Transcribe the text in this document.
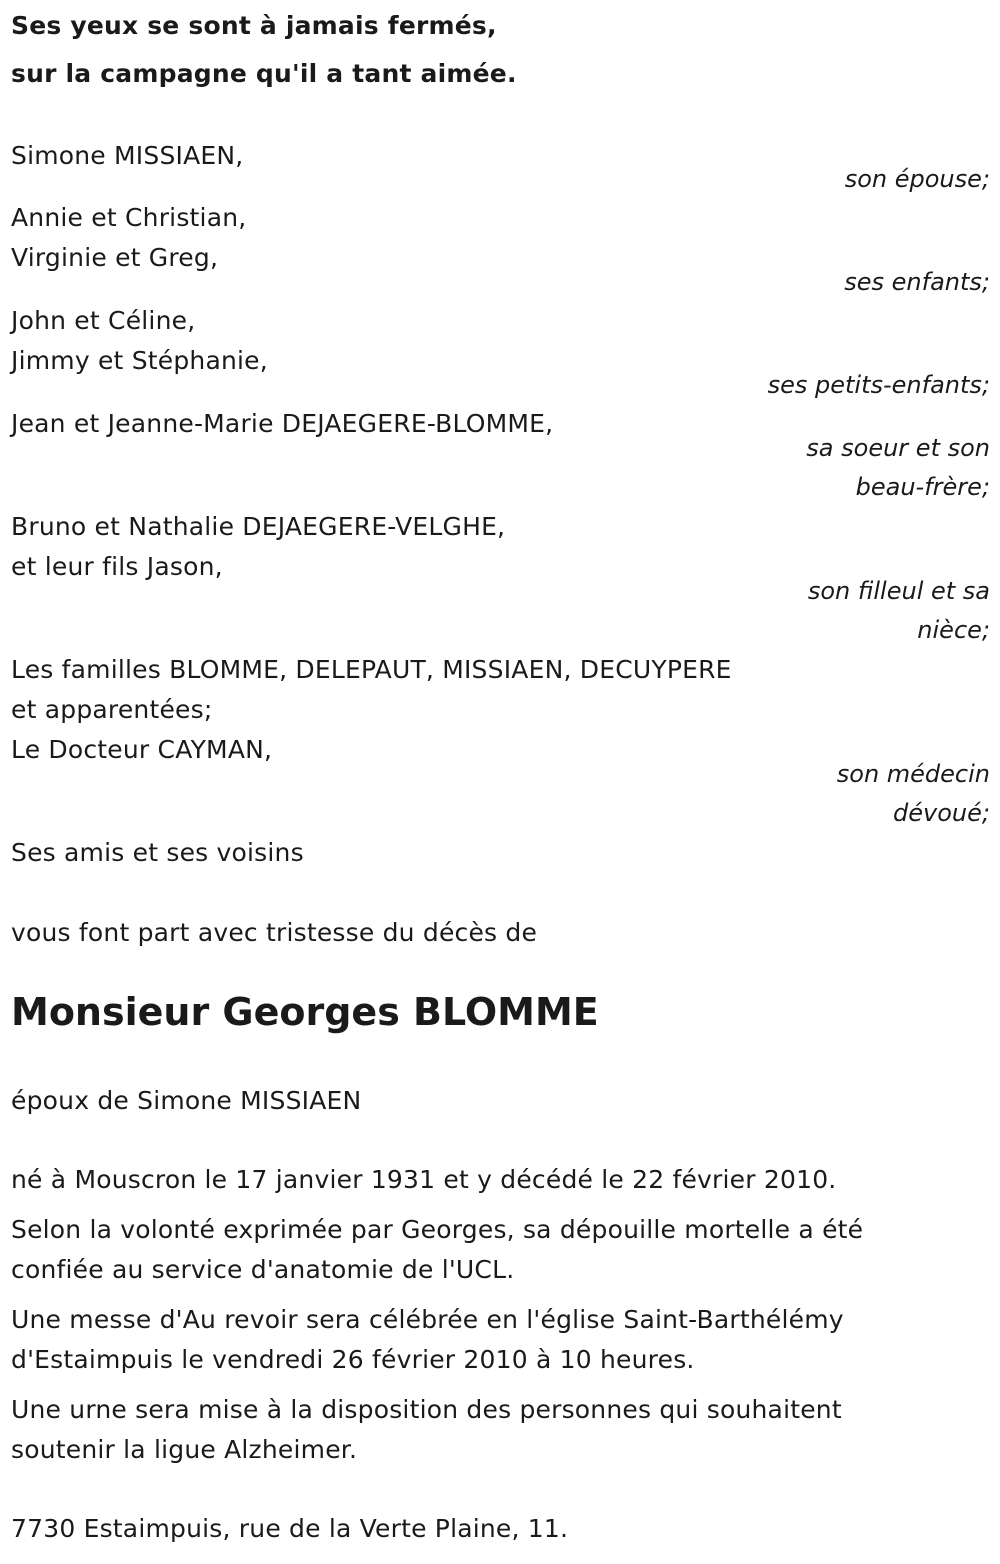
Ses yeux se sont à jamais fermés,
sur la campagne qu'il a tant aimée.
Simone MISSIAEN,
son épouse;
Annie et Christian,
Virginie et Greg,
ses enfants;
John et Céline,
Jimmy et Stéphanie,
ses petits-enfants;
Jean et Jeanne-Marie DEJAEGERE-BLOMME,
sa soeur et son
beau-frère;
Bruno et Nathalie DEJAEGERE-VELGHE,
et leur fils Jason,
son filleul et sa
nièce;
Les familles BLOMME, DELEPAUT, MISSIAEN, DECUYPERE
et apparentées;
Le Docteur CAYMAN,
son médecin
dévoué;
Ses amis et ses voisins
vous font part avec tristesse du décès de
Monsieur Georges BLOMME
époux de Simone MISSIAEN
né à Mouscron le 17 janvier 1931 et y décédé le 22 février 2010.
Selon la volonté exprimée par Georges, sa dépouille mortelle a été
confiée au service d'anatomie de l'UCL.
Une messe d'Au revoir sera célébrée en l'église Saint-Barthélémy
d'Estaimpuis le vendredi 26 février 2010 à 10 heures.
Une urne sera mise à la disposition des personnes qui souhaitent
soutenir la ligue Alzheimer.
7730 Estaimpuis, rue de la Verte Plaine, 11.
